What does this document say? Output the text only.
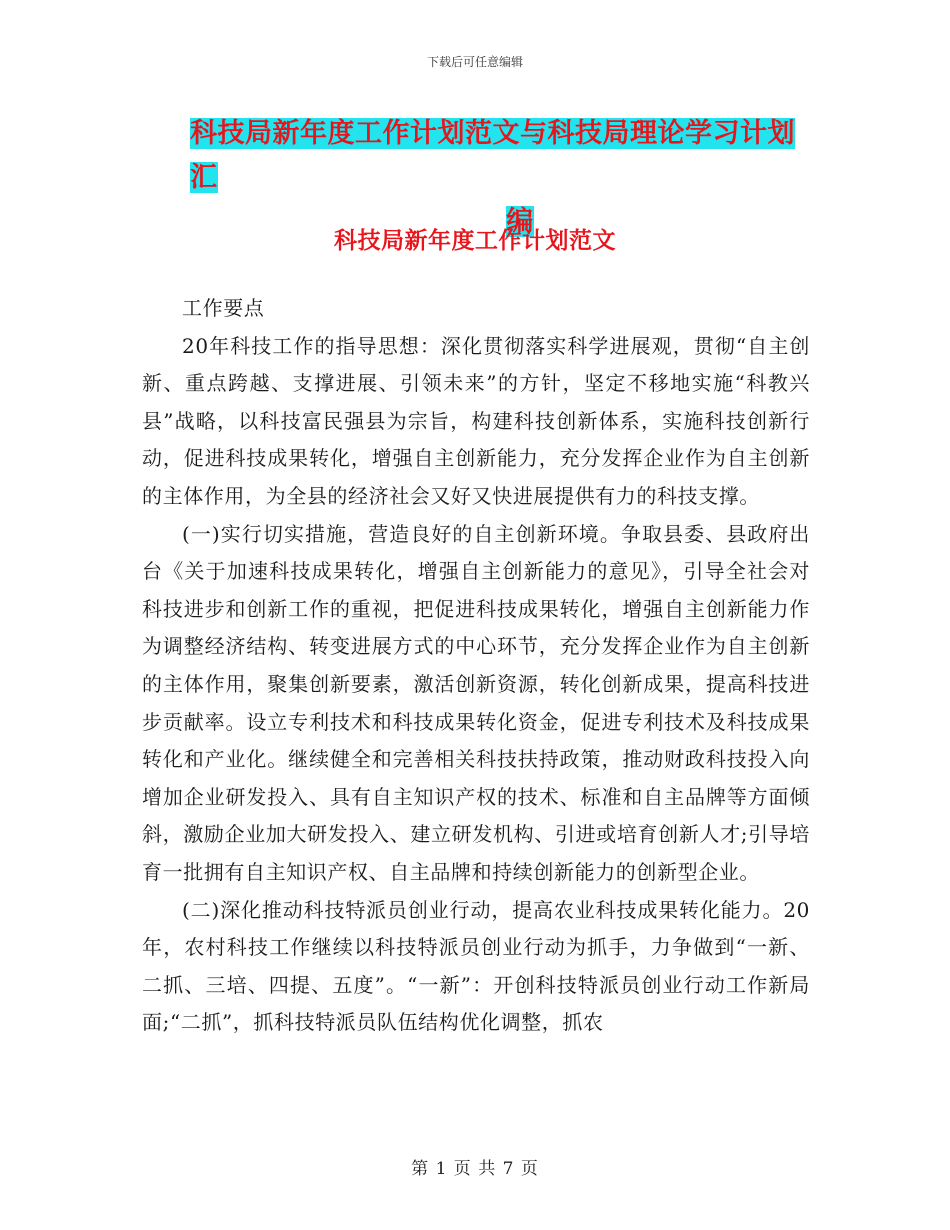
下载后可任意编辑
科技局新年度工作计划范文与科技局理论学习计划汇
编
科技局新年度工作计划范文

工作要点

20年科技工作的指导思想：深化贯彻落实科学进展观，贯彻“自主创新、重点跨越、支撑进展、引领未来”的方针，坚定不移地实施“科教兴县”战略，以科技富民强县为宗旨，构建科技创新体系，实施科技创新行动，促进科技成果转化，增强自主创新能力，充分发挥企业作为自主创新的主体作用，为全县的经济社会又好又快进展提供有力的科技支撑。

(一)实行切实措施，营造良好的自主创新环境。争取县委、县政府出台《关于加速科技成果转化，增强自主创新能力的意见》，引导全社会对科技进步和创新工作的重视，把促进科技成果转化，增强自主创新能力作为调整经济结构、转变进展方式的中心环节，充分发挥企业作为自主创新的主体作用，聚集创新要素，激活创新资源，转化创新成果，提高科技进步贡献率。设立专利技术和科技成果转化资金，促进专利技术及科技成果转化和产业化。继续健全和完善相关科技扶持政策，推动财政科技投入向增加企业研发投入、具有自主知识产权的技术、标准和自主品牌等方面倾斜，激励企业加大研发投入、建立研发机构、引进或培育创新人才;引导培育一批拥有自主知识产权、自主品牌和持续创新能力的创新型企业。

(二)深化推动科技特派员创业行动，提高农业科技成果转化能力。20年，农村科技工作继续以科技特派员创业行动为抓手，力争做到“一新、二抓、三培、四提、五度”。“一新”：开创科技特派员创业行动工作新局面;“二抓”，抓科技特派员队伍结构优化调整，抓农

第 1 页 共 7 页
